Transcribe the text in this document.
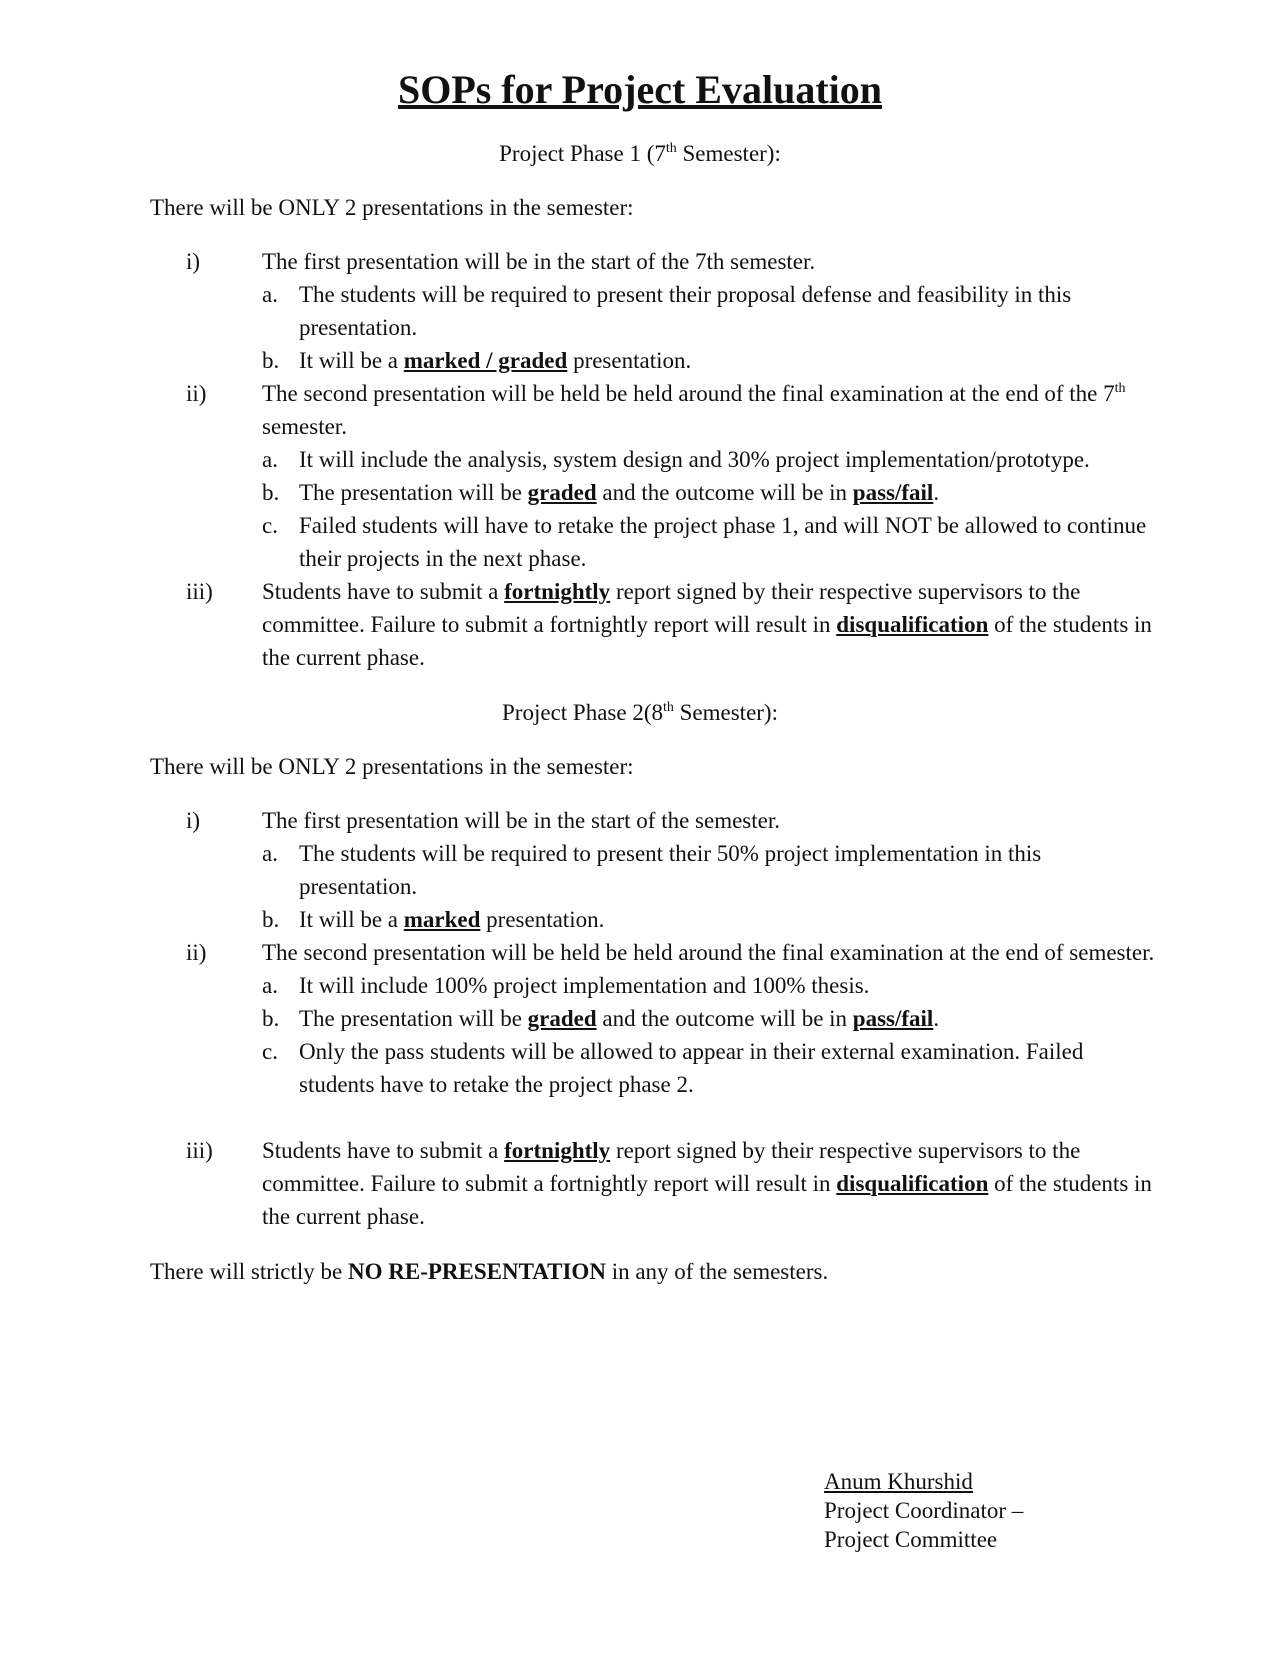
SOPs for Project Evaluation
Project Phase 1 (7th Semester):
There will be ONLY 2 presentations in the semester:
i)	The first presentation will be in the start of the 7th semester.
a. The students will be required to present their proposal defense and feasibility in this presentation.
b. It will be a marked / graded presentation.
ii) The second presentation will be held be held around the final examination at the end of the 7th semester.
a. It will include the analysis, system design and 30% project implementation/prototype.
b. The presentation will be graded and the outcome will be in pass/fail.
c. Failed students will have to retake the project phase 1, and will NOT be allowed to continue their projects in the next phase.
iii) Students have to submit a fortnightly report signed by their respective supervisors to the committee. Failure to submit a fortnightly report will result in disqualification of the students in the current phase.
Project Phase 2(8th Semester):
There will be ONLY 2 presentations in the semester:
i)	The first presentation will be in the start of the semester.
a. The students will be required to present their 50% project implementation in this presentation.
b. It will be a marked presentation.
ii) The second presentation will be held be held around the final examination at the end of semester.
a. It will include 100% project implementation and 100% thesis.
b. The presentation will be graded and the outcome will be in pass/fail.
c. Only the pass students will be allowed to appear in their external examination. Failed students have to retake the project phase 2.
iii) Students have to submit a fortnightly report signed by their respective supervisors to the committee. Failure to submit a fortnightly report will result in disqualification of the students in the current phase.
There will strictly be NO RE-PRESENTATION in any of the semesters.
Anum Khurshid
Project Coordinator –
Project Committee
